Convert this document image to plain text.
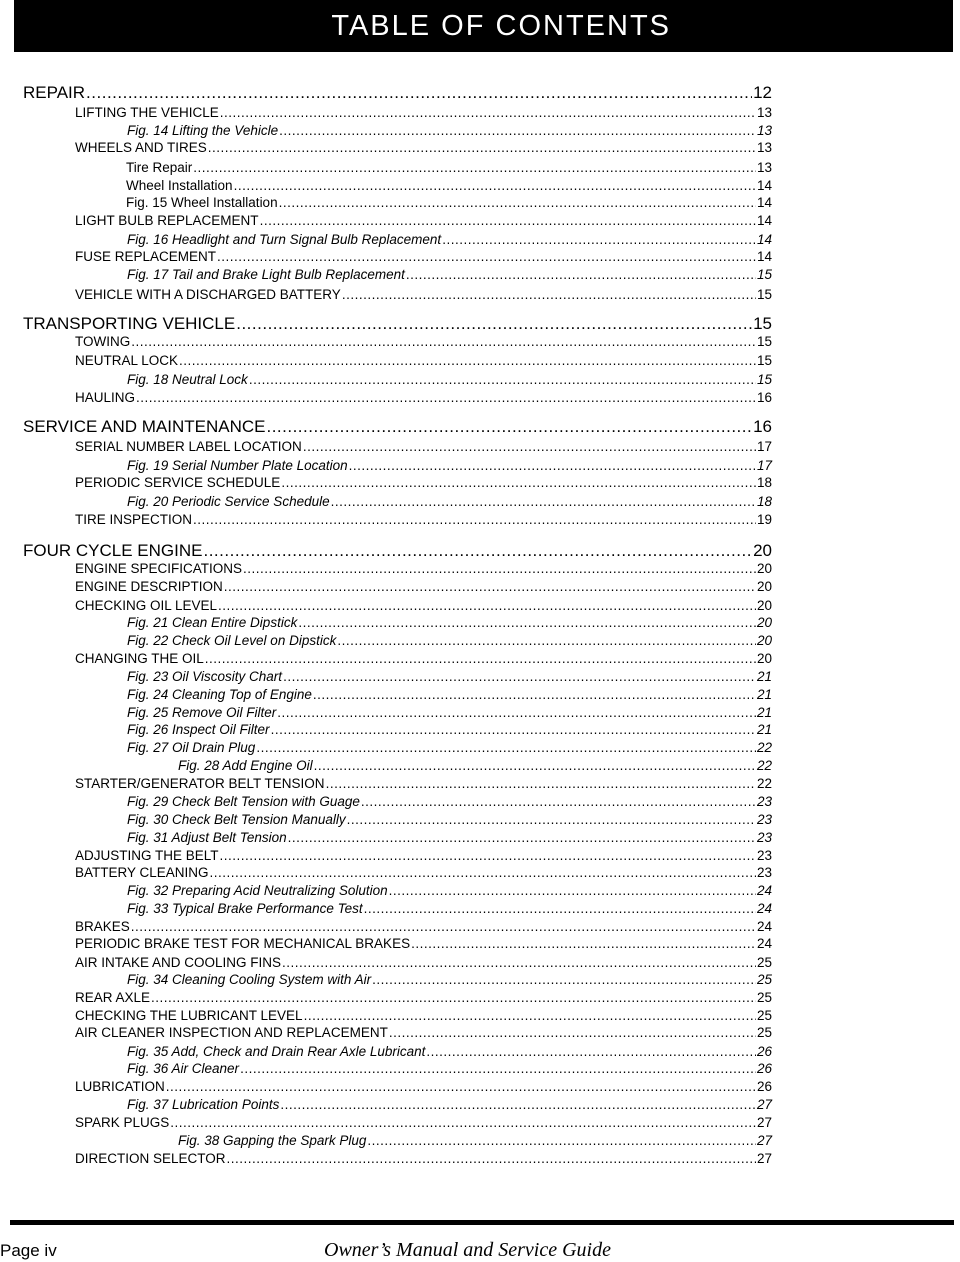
TABLE OF CONTENTS
REPAIR .....	12
LIFTING THE VEHICLE .....	13
Fig. 14 Lifting the Vehicle .....	13
WHEELS AND TIRES .....	13
Tire Repair .....	13
Wheel Installation .....	14
Fig. 15 Wheel Installation .....	14
LIGHT BULB REPLACEMENT .....	14
Fig. 16 Headlight and Turn Signal Bulb Replacement .....	14
FUSE REPLACEMENT .....	14
Fig. 17 Tail and Brake Light Bulb Replacement .....	15
VEHICLE WITH A DISCHARGED BATTERY .....	15
TRANSPORTING VEHICLE .....	15
TOWING .....	15
NEUTRAL LOCK .....	15
Fig. 18 Neutral Lock .....	15
HAULING .....	16
SERVICE AND MAINTENANCE .....	16
SERIAL NUMBER LABEL LOCATION .....	17
Fig. 19 Serial Number Plate Location .....	17
PERIODIC SERVICE SCHEDULE .....	18
Fig. 20 Periodic Service Schedule .....	18
TIRE INSPECTION .....	19
FOUR CYCLE ENGINE .....	20
ENGINE SPECIFICATIONS .....	20
ENGINE DESCRIPTION .....	20
CHECKING OIL LEVEL .....	20
Fig. 21 Clean Entire Dipstick .....	20
Fig. 22 Check Oil Level on Dipstick .....	20
CHANGING THE OIL .....	20
Fig. 23 Oil Viscosity Chart .....	21
Fig. 24 Cleaning Top of Engine .....	21
Fig. 25 Remove Oil Filter .....	21
Fig. 26 Inspect Oil Filter .....	21
Fig. 27 Oil Drain Plug .....	22
Fig. 28 Add Engine Oil .....	22
STARTER/GENERATOR BELT TENSION .....	22
Fig. 29 Check Belt Tension with Guage .....	23
Fig. 30 Check Belt Tension Manually .....	23
Fig. 31 Adjust Belt Tension .....	23
ADJUSTING THE BELT .....	23
BATTERY CLEANING .....	23
Fig. 32 Preparing Acid Neutralizing Solution .....	24
Fig. 33 Typical Brake Performance Test .....	24
BRAKES .....	24
PERIODIC BRAKE TEST FOR MECHANICAL BRAKES .....	24
AIR INTAKE AND COOLING FINS .....	25
Fig. 34 Cleaning Cooling System with Air .....	25
REAR AXLE .....	25
CHECKING THE LUBRICANT LEVEL .....	25
AIR CLEANER INSPECTION AND REPLACEMENT .....	25
Fig. 35 Add, Check and Drain Rear Axle Lubricant .....	26
Fig. 36 Air Cleaner .....	26
LUBRICATION .....	26
Fig. 37 Lubrication Points .....	27
SPARK PLUGS .....	27
Fig. 38 Gapping the Spark Plug .....	27
DIRECTION SELECTOR .....	27
Page iv	Owner’s Manual and Service Guide
